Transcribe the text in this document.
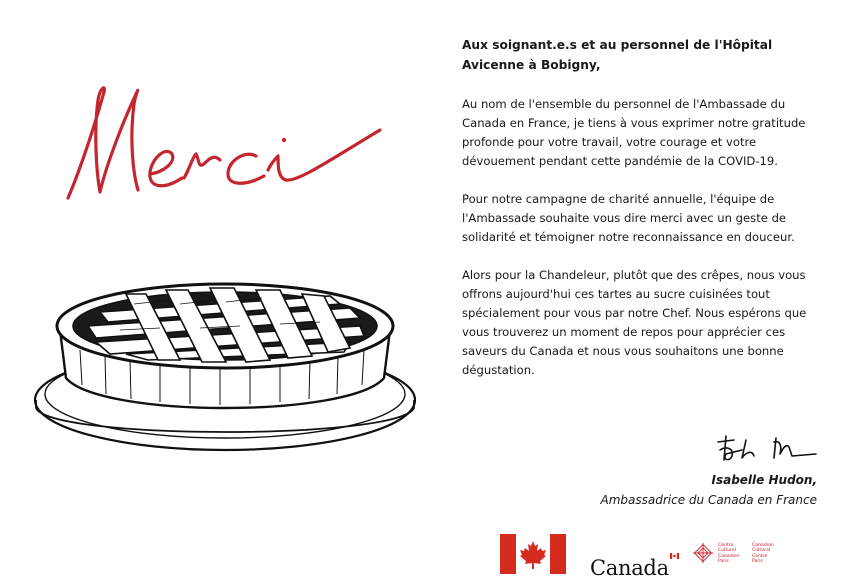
Aux soignant.e.s et au personnel de l'Hôpital Avicenne à Bobigny,

Au nom de l'ensemble du personnel de l'Ambassade du Canada en France, je tiens à vous exprimer notre gratitude profonde pour votre travail, votre courage et votre dévouement pendant cette pandémie de la COVID-19.

Pour notre campagne de charité annuelle, l'équipe de l'Ambassade souhaite vous dire merci avec un geste de solidarité et témoigner notre reconnaissance en douceur.

Alors pour la Chandeleur, plutôt que des crêpes, nous vous offrons aujourd'hui ces tartes au sucre cuisinées tout spécialement pour vous par notre Chef. Nous espérons que vous trouverez un moment de repos pour apprécier ces saveurs du Canada et nous vous souhaitons une bonne dégustation.

Isabelle Hudon,
Ambassadrice du Canada en France
Canada
Centre
Culturel
Canadien
Paris
Canadian
Cultural
Centre
Paris
